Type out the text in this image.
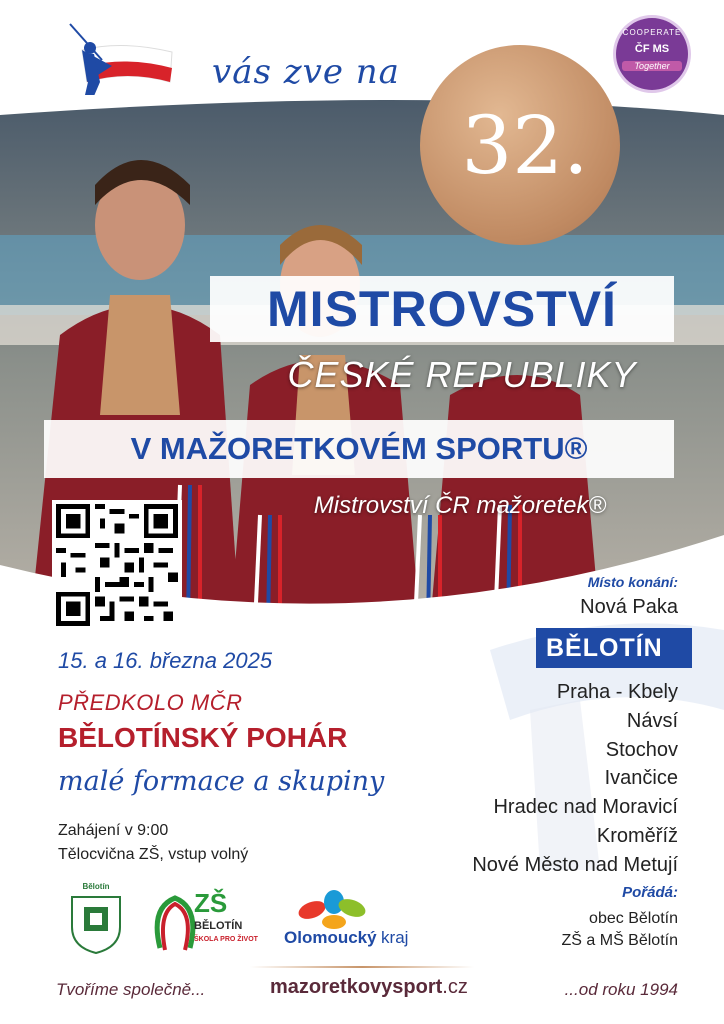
vás zve na
COOPERATE
ČF MS
Together
32.
MISTROVSTVÍ
ČESKÉ REPUBLIKY
V MAŽORETKOVÉM SPORTU®
Mistrovství ČR mažoretek®
15. a 16. března 2025
PŘEDKOLO MČR
BĚLOTÍNSKÝ POHÁR
malé formace a skupiny
Zahájení v 9:00
Tělocvična ZŠ, vstup volný
Místo konání:
Nová Paka
BĚLOTÍN
Praha - Kbely
Návsí
Stochov
Ivančice
Hradec nad Moravicí
Kroměříž
Nové Město nad Metují
Pořádá:
obec Bělotín
ZŠ a MŠ Bělotín
Bělotín
ZŠ
BĚLOTÍN
ŠKOLA PRO ŽIVOT Olomoucký kraj
Tvoříme společně...	mazoretkovysport.cz	...od roku 1994
